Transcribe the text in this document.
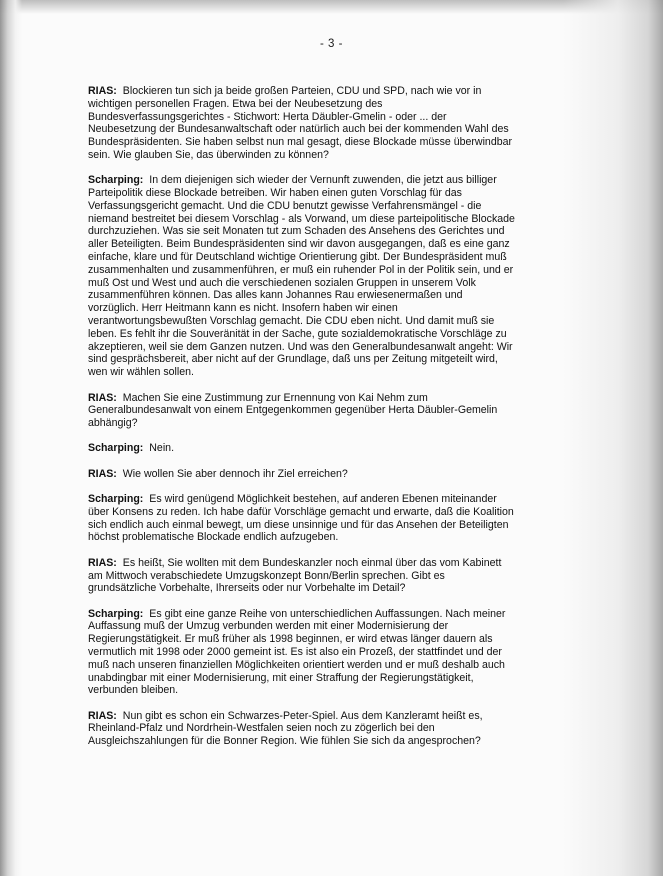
- 3 -

RIAS: Blockieren tun sich ja beide großen Parteien, CDU und SPD, nach wie vor in wichtigen personellen Fragen. Etwa bei der Neubesetzung des Bundesverfassungsgerichtes - Stichwort: Herta Däubler-Gmelin - oder ... der Neubesetzung der Bundesanwaltschaft oder natürlich auch bei der kommenden Wahl des Bundespräsidenten. Sie haben selbst nun mal gesagt, diese Blockade müsse überwindbar sein. Wie glauben Sie, das überwinden zu können?

Scharping: In dem diejenigen sich wieder der Vernunft zuwenden, die jetzt aus billiger Parteipolitik diese Blockade betreiben. Wir haben einen guten Vorschlag für das Verfassungsgericht gemacht. Und die CDU benutzt gewisse Verfahrensmängel - die niemand bestreitet bei diesem Vorschlag - als Vorwand, um diese parteipolitische Blockade durchzuziehen. Was sie seit Monaten tut zum Schaden des Ansehens des Gerichtes und aller Beteiligten. Beim Bundespräsidenten sind wir davon ausgegangen, daß es eine ganz einfache, klare und für Deutschland wichtige Orientierung gibt. Der Bundespräsident muß zusammenhalten und zusammenführen, er muß ein ruhender Pol in der Politik sein, und er muß Ost und West und auch die verschiedenen sozialen Gruppen in unserem Volk zusammenführen können. Das alles kann Johannes Rau erwiesenermaßen und vorzüglich. Herr Heitmann kann es nicht. Insofern haben wir einen verantwortungsbewußten Vorschlag gemacht. Die CDU eben nicht. Und damit muß sie leben. Es fehlt ihr die Souveränität in der Sache, gute sozialdemokratische Vorschläge zu akzeptieren, weil sie dem Ganzen nutzen. Und was den Generalbundesanwalt angeht: Wir sind gesprächsbereit, aber nicht auf der Grundlage, daß uns per Zeitung mitgeteilt wird, wen wir wählen sollen.

RIAS: Machen Sie eine Zustimmung zur Ernennung von Kai Nehm zum Generalbundesanwalt von einem Entgegenkommen gegenüber Herta Däubler-Gemelin abhängig?

Scharping: Nein.

RIAS: Wie wollen Sie aber dennoch ihr Ziel erreichen?

Scharping: Es wird genügend Möglichkeit bestehen, auf anderen Ebenen miteinander über Konsens zu reden. Ich habe dafür Vorschläge gemacht und erwarte, daß die Koalition sich endlich auch einmal bewegt, um diese unsinnige und für das Ansehen der Beteiligten höchst problematische Blockade endlich aufzugeben.

RIAS: Es heißt, Sie wollten mit dem Bundeskanzler noch einmal über das vom Kabinett am Mittwoch verabschiedete Umzugskonzept Bonn/Berlin sprechen. Gibt es grundsätzliche Vorbehalte, Ihrerseits oder nur Vorbehalte im Detail?

Scharping: Es gibt eine ganze Reihe von unterschiedlichen Auffassungen. Nach meiner Auffassung muß der Umzug verbunden werden mit einer Modernisierung der Regierungstätigkeit. Er muß früher als 1998 beginnen, er wird etwas länger dauern als vermutlich mit 1998 oder 2000 gemeint ist. Es ist also ein Prozeß, der stattfindet und der muß nach unseren finanziellen Möglichkeiten orientiert werden und er muß deshalb auch unabdingbar mit einer Modernisierung, mit einer Straffung der Regierungstätigkeit, verbunden bleiben.

RIAS: Nun gibt es schon ein Schwarzes-Peter-Spiel. Aus dem Kanzleramt heißt es, Rheinland-Pfalz und Nordrhein-Westfalen seien noch zu zögerlich bei den Ausgleichszahlungen für die Bonner Region. Wie fühlen Sie sich da angesprochen?
